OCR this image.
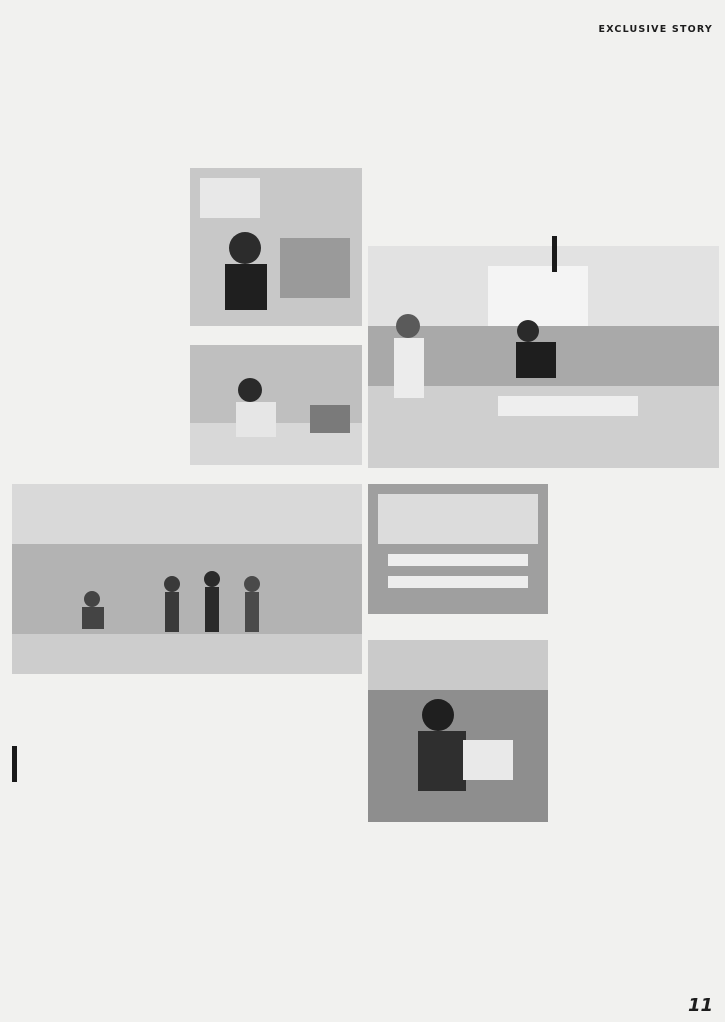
EXCLUSIVE STORY
11
